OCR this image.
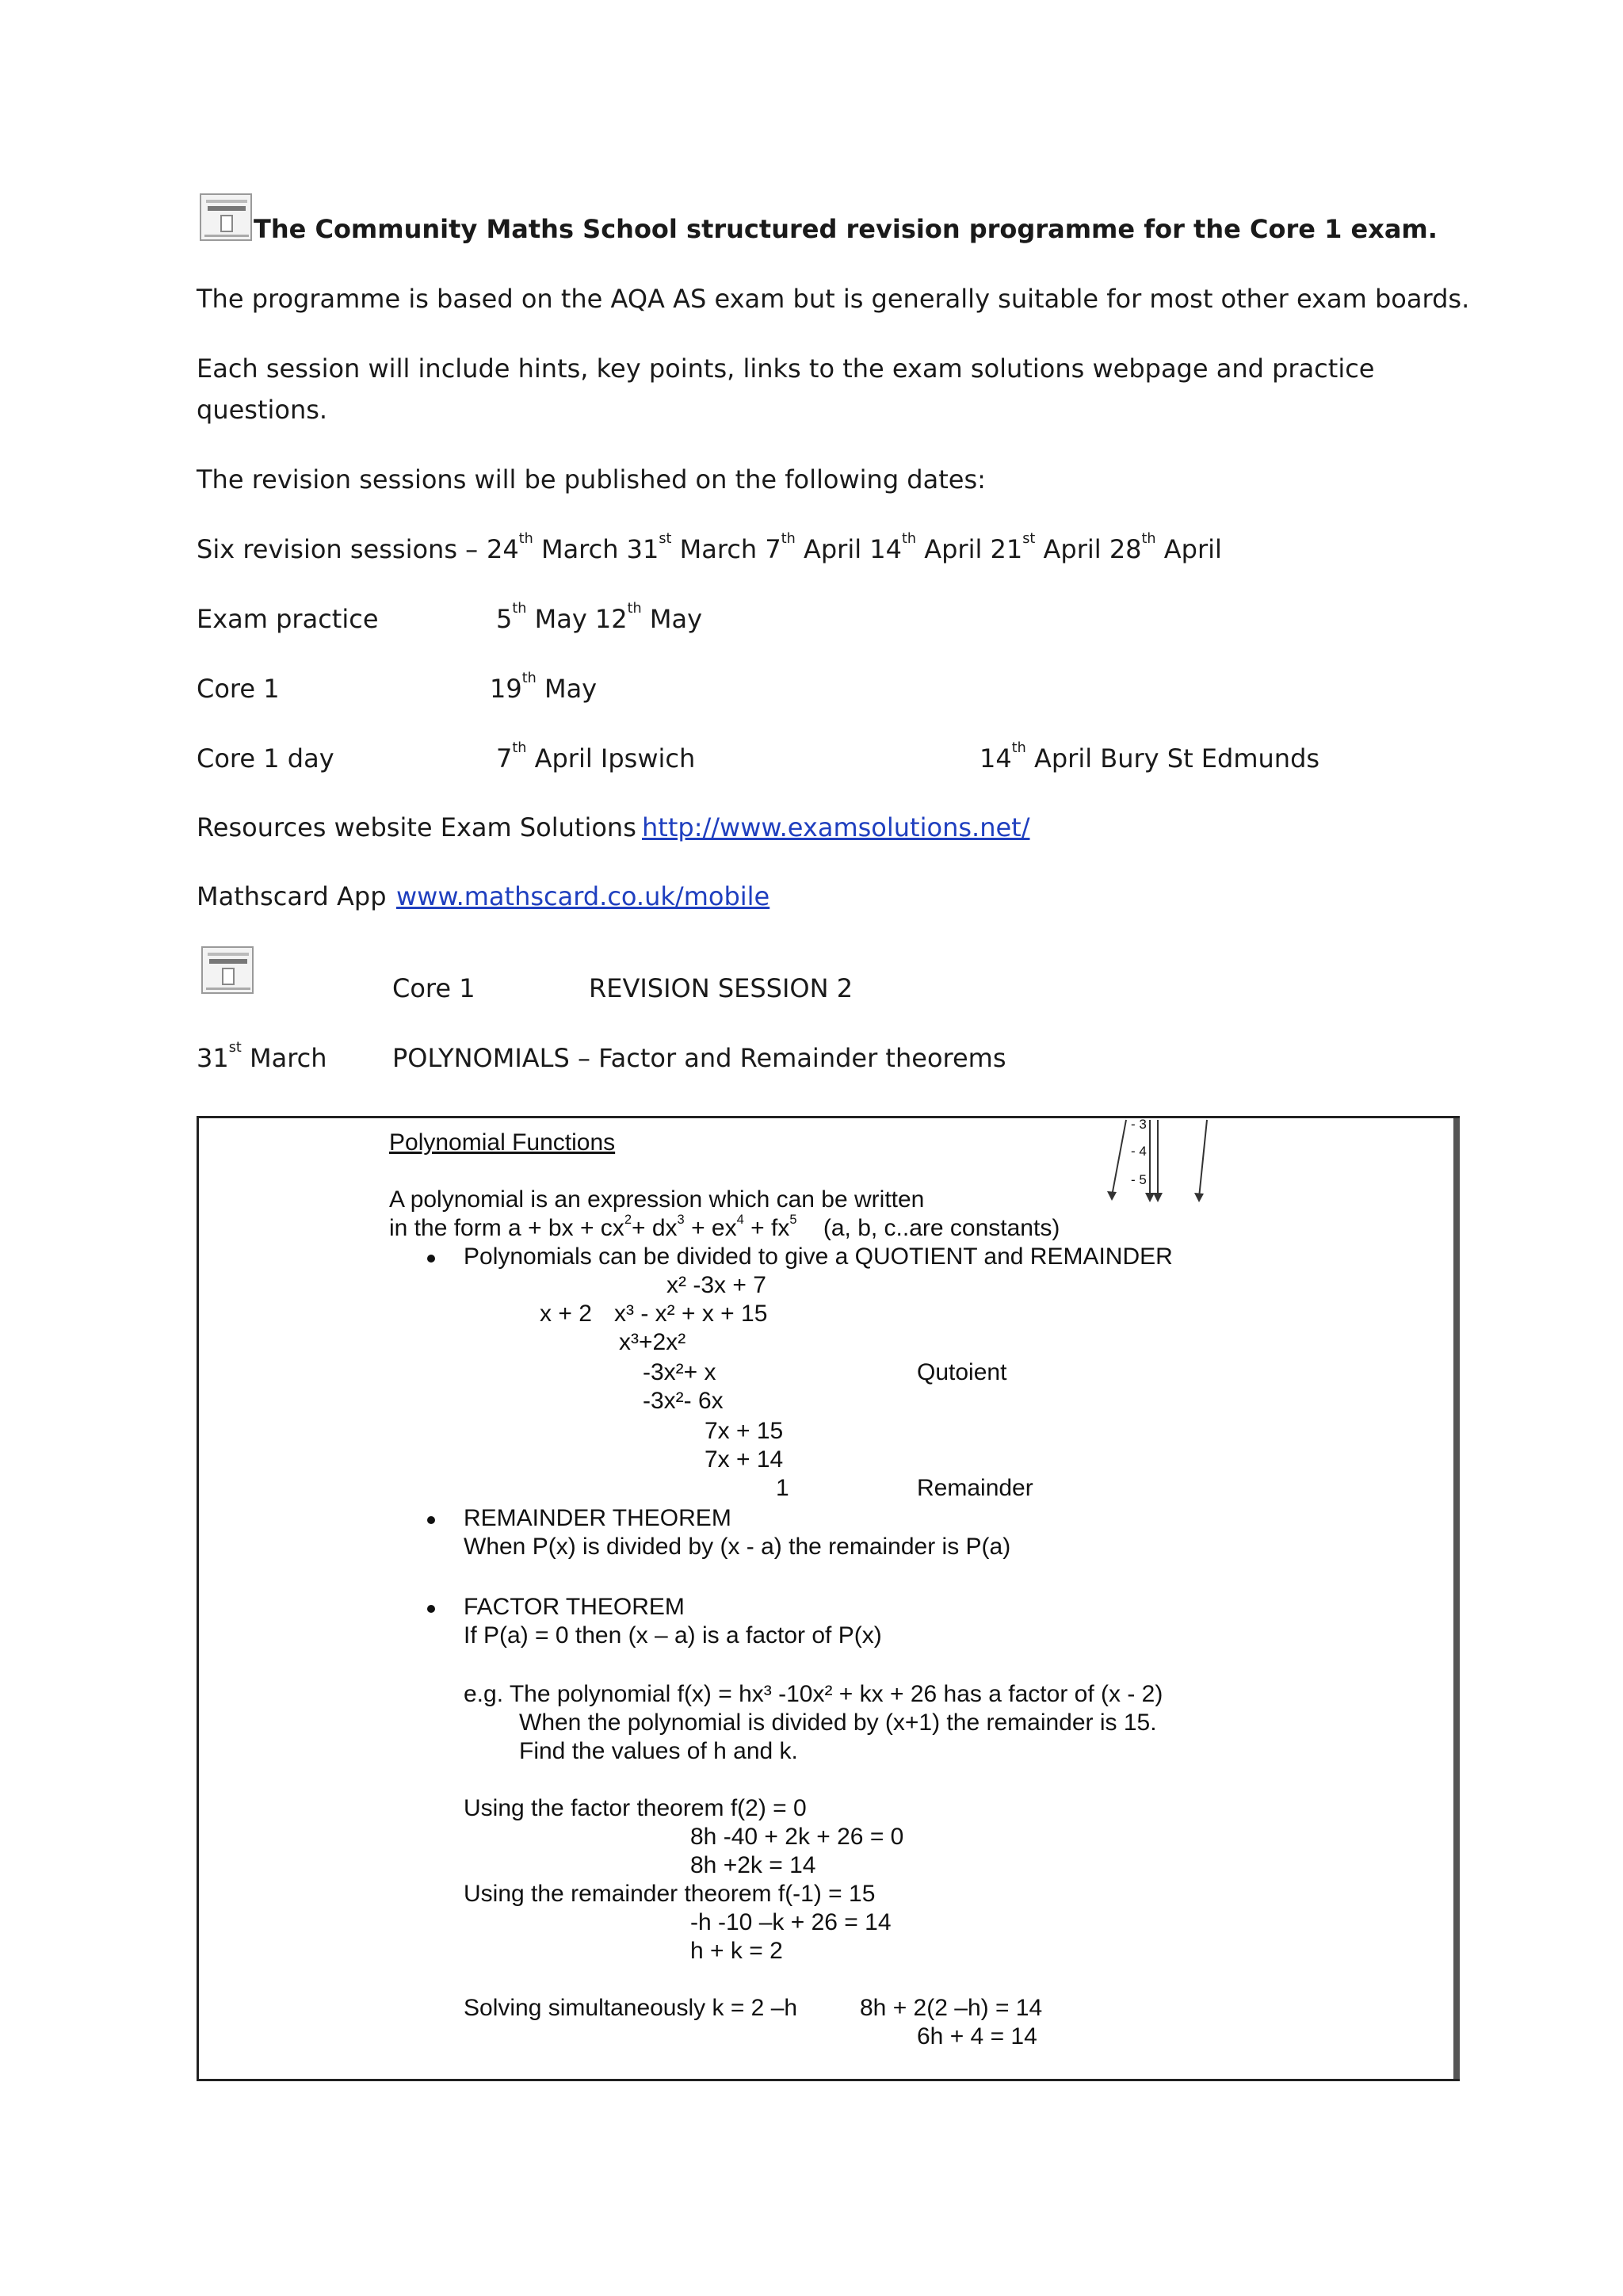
The Community Maths School structured revision programme for the Core 1 exam.
The programme is based on the AQA AS exam but is generally suitable for most other exam boards.
Each session will include hints, key points, links to the exam solutions webpage and practice
questions.
The revision sessions will be published on the following dates:
Six revision sessions – 24th March 31st March 7th April 14th April 21st April 28th April
Exam practice	5th May 12th May
Core 1	19th May
Core 1 day	7th April Ipswich	14th April Bury St Edmunds
Resources website Exam Solutions http://www.examsolutions.net/
Mathscard App www.mathscard.co.uk/mobile
Core 1	REVISION SESSION 2
31st March	POLYNOMIALS – Factor and Remainder theorems
- 3
- 4
- 5
Polynomial Functions
A polynomial is an expression which can be written
in the form a + bx + $cx^2+ dx^3 + ex^4 + fx^5$ (a, b, c..are constants)
Polynomials can be divided to give a QUOTIENT and REMAINDER
x² -3x + 7
x + 2 x³ - x² + x + 15
x³+2x²
-3x²+ x
-3x²- 6x
7x + 15
7x + 14
1
Qutoient
Remainder
REMAINDER THEOREM
When P(x) is divided by (x - a) the remainder is P(a)
FACTOR THEOREM
If P(a) = 0 then (x – a) is a factor of P(x)
e.g. The polynomial f(x) = hx³ -10x² + kx + 26 has a factor of (x - 2)
When the polynomial is divided by (x+1) the remainder is 15.
Find the values of h and k.
Using the factor theorem f(2) = 0
8h -40 + 2k + 26 = 0
8h +2k = 14
Using the remainder theorem f(-1) = 15
-h -10 –k + 26 = 14
h + k = 2
Solving simultaneously k = 2 –h	8h + 2(2 –h) = 14
6h + 4 = 14
